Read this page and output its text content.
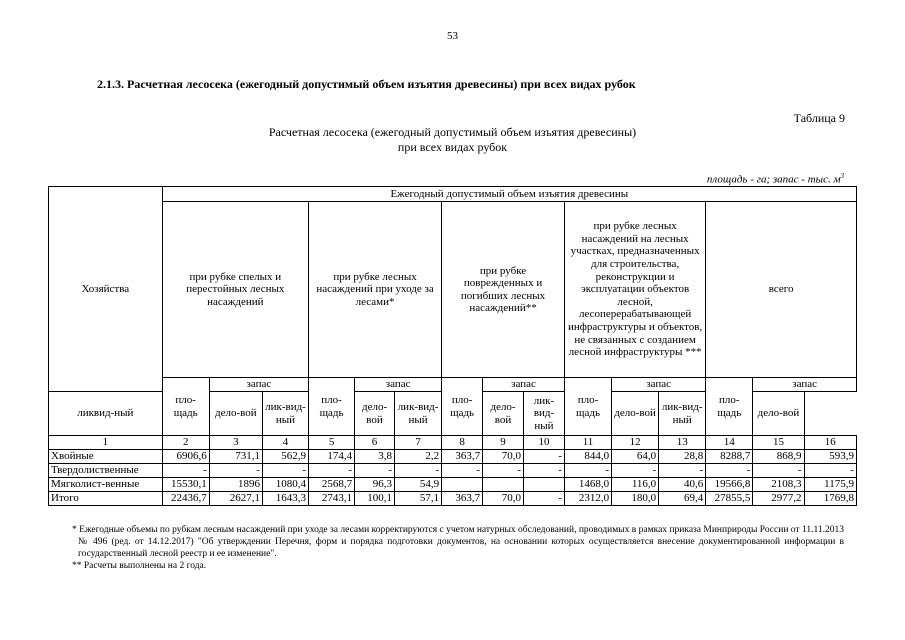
53
2.1.3. Расчетная лесосека (ежегодный допустимый объем изъятия древесины) при всех видах рубок
Таблица 9
Расчетная лесосека (ежегодный допустимый объем изъятия древесины)
при всех видах рубок
площадь - га; запас - тыс. $м^3$
Хозяйства	Ежегодный допустимый объем изъятия древесины														
	при рубке спелых и перестойных лесных насаждений			при рубке лесных насаждений при уходе за лесами*			при рубке поврежденных и погибших лесных насаждений**			при рубке лесных насаждений на лесных участках, предназначенных для строительства, реконструкции и эксплуатации объектов лесной, лесоперерабатывающей инфраструктуры и объектов, не связанных с созданием лесной инфраструктуры ***			всего		
	пло-щадь	запас		пло-щадь	запас		пло-щадь	запас		пло-щадь	запас		пло-щадь	запас	
ликвид-ный		дело-вой	лик-вид-ный		дело-вой	лик-вид-ный		дело-вой	лик-вид-ный		дело-вой	лик-вид-ный		дело-вой	
1	2	3	4	5	6	7	8	9	10	11	12	13	14	15	16
Хвойные	6906,6	731,1	562,9	174,4	3,8	2,2	363,7	70,0	-	844,0	64,0	28,8	8288,7	868,9	593,9
Твердолиственные	-	-	-	-	-	-	-	-	-	-	-	-	-	-	-
Мягколист-венные	15530,1	1896	1080,4	2568,7	96,3	54,9				1468,0	116,0	40,6	19566,8	2108,3	1175,9
Итого	22436,7	2627,1	1643,3	2743,1	100,1	57,1	363,7	70,0	-	2312,0	180,0	69,4	27855,5	2977,2	1769,8

* Ежегодные объемы по рубкам лесным насаждений при уходе за лесами корректируются с учетом натурных обследований, проводимых в рамках приказа Минприроды России от 11.11.2013 № 496 (ред. от 14.12.2017) "Об утверждении Перечня, форм и порядка подготовки документов, на основании которых осуществляется внесение документированной информации в государственный лесной реестр и ее изменение".

** Расчеты выполнены на 2 года.
